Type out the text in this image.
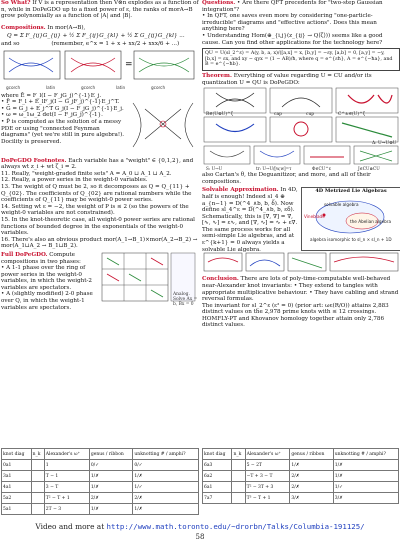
So What? If V is a representation then V⊗n explodes as a function of n, while in DoPeGDO up to a fixed power of ε, the ranks of morA→B grow polynomially as a function of |A| and |B|.
Compositions. In mor(A→B),
Q = Σ F_{ij}G_{ij} + ½ Σ F_{ij}G_{kl} + ½ Σ G_{ij}G_{kl} ...
and so	(remember, e^x = 1 + x + xx/2 + xxx/6 + ...)
=
gcorch	latin	gcorch	latin	gcorch
where Ē = F_l(I − F_jG_j)^{-1}E_j.
• F̄ = F_l + E_lF_j(I − G_jF_j)^{-1}E_j^T.
• Ḡ = G_j + E_j^T G_j(I − F_jG_j)^{-1}E_j.
• ω = ω_1ω_2 det(I − F_jG_j)^{-1}.
• P̄ is computed as the solution of a messy PDE or using "connected Feynman diagrams" (yet we're still in pure algebra!). Docility is preserved.
DoPeGDO Footnotes. Each variable has a "weight" ∈ {0,1,2}, and always wt z_i + wt ζ_i = 2.
11. Really, "weight-graded finite sets" A = A_0 ⊔ A_1 ⊔ A_2.
12. Really, a power series in the weight-0 variables.
13. The weight of Q must be 2, so it decomposes as Q = Q_{11} + Q_{02}. The coefficients of Q_{02} are rational numbers while the coefficients of Q_{11} may be weight-0 power series.
14. Setting wt ε = −2, the weight of P is ≤ 2 (so the powers of the weight-0 variables are not constrained).
15. In the knot-theoretic case, all weight-0 power series are rational functions of bounded degree in the exponentials of the weight-0 variables.
16. There's also an obvious product mor(A_1→B_1)×mor(A_2→B_2) → mor(A_1⊔A_2 → B_1⊔B_2).
Full DoPeGDO. Compute compositions in two phases:
• A 1-1 phase over the ring of power series in the weight-0 variables, in which the weight-2 variables are spectators.
• A (slightly modified) 2-0 phase over Q, in which the weight-1 variables are spectators.
Analog. Solve Ax = b, Bx = 0
Questions. • Are there QFT precedents for "two-step Gaussian integration"?
• In QFT, one saves even more by considering "one-particle-irreducible" diagrams and "effective actions". Does this mean anything here?
• Understanding Hom(⊕_{i,j}(z_{ij} → Q⟨ζ⟩)) seems like a good cause. Can you find other applications for the technology here?
QU = U(sl_2^ε) = A(y, b, a, x)/([a,x] = x, [b,y] = −εy, [a,b] = 0, [a,y] = −y, [b,x] = εx, and xy − qyx = (1 − AB)/ħ, where q = e^{εħ}, A = e^{−ħa}, and B = e^{−ħb}.
Theorem. Everything of value regarding U = CU and/or its quantization U = QU is DoPeGDO:
R∈(U⊗U)^ζ	cap	cup	C^±∈(U)^ζ
Δ: U→U⊗U
S: U→U	tr: U→U/[w,w]=τ	Φ∈CU^ε	J∈CU⊗CU
also Cartan's θ, the Deguanitizor, and more, and all of their compositions.
Solvable Approximation. In 4D, half is enough! Indeed sl_4 ⊕ a_{n−1} = D(^4_∧b, b, δ). Now define sl_4^ε = D(^4_∧b, b, εδ). Schematically, this is [∇, ∇] = ∇, [∿, ∿] = ε∿, and [∇, ∿] = ∿ + ε∇. The same process works for all semi-simple Lie algebras, and at ε^{k+1} = 0 always yields a solvable Lie algebra.
4D Metrized Lie Algebras
solvable algebra
the Abelian algebra
algebra isomorphic to sl_n × sl_n + 1D
Vineblade
Conclusion. There are lots of poly-time-computable well-behaved near-Alexander knot invariants: • They extend to tangles with appropriate multiplicative behaviour. • They have cabling and strand reversal formulas.
The invariant for sl_2^ε (ε² = 0) (prior art: ωε(R/O)) attains 2,883 distinct values on the 2,978 prime knots with ≤ 12 crossings. HOMFLY-PT and Khovanov homology together attain only 2,786 distinct values.
knot diag	n_k	Alexander's ω⁺	genus / ribbon	unknotting # / amphi?
0a1		1	0/✓	0/✓
3a1		T − 1	1/✗	1/✗
4a1		3 − T	1/✗	1/✓
5a2		T² − T + 1	2/✗	2/✗
5a1		2T − 3	1/✗	1/✗
knot diag	n_k	Alexander's ω⁺	genus / ribbon	unknotting # / amphi?
6a3		5 − 2T	1/✗	1/✗
6a2		−T + 3 − T	2/✗	1/✗
6a1		T² − 3T + 3	2/✗	1/✓
7a7		T³ − T + 1	3/✗	3/✗
Video and more at http://www.math.toronto.edu/~drorbn/Talks/Columbia-191125/
58
